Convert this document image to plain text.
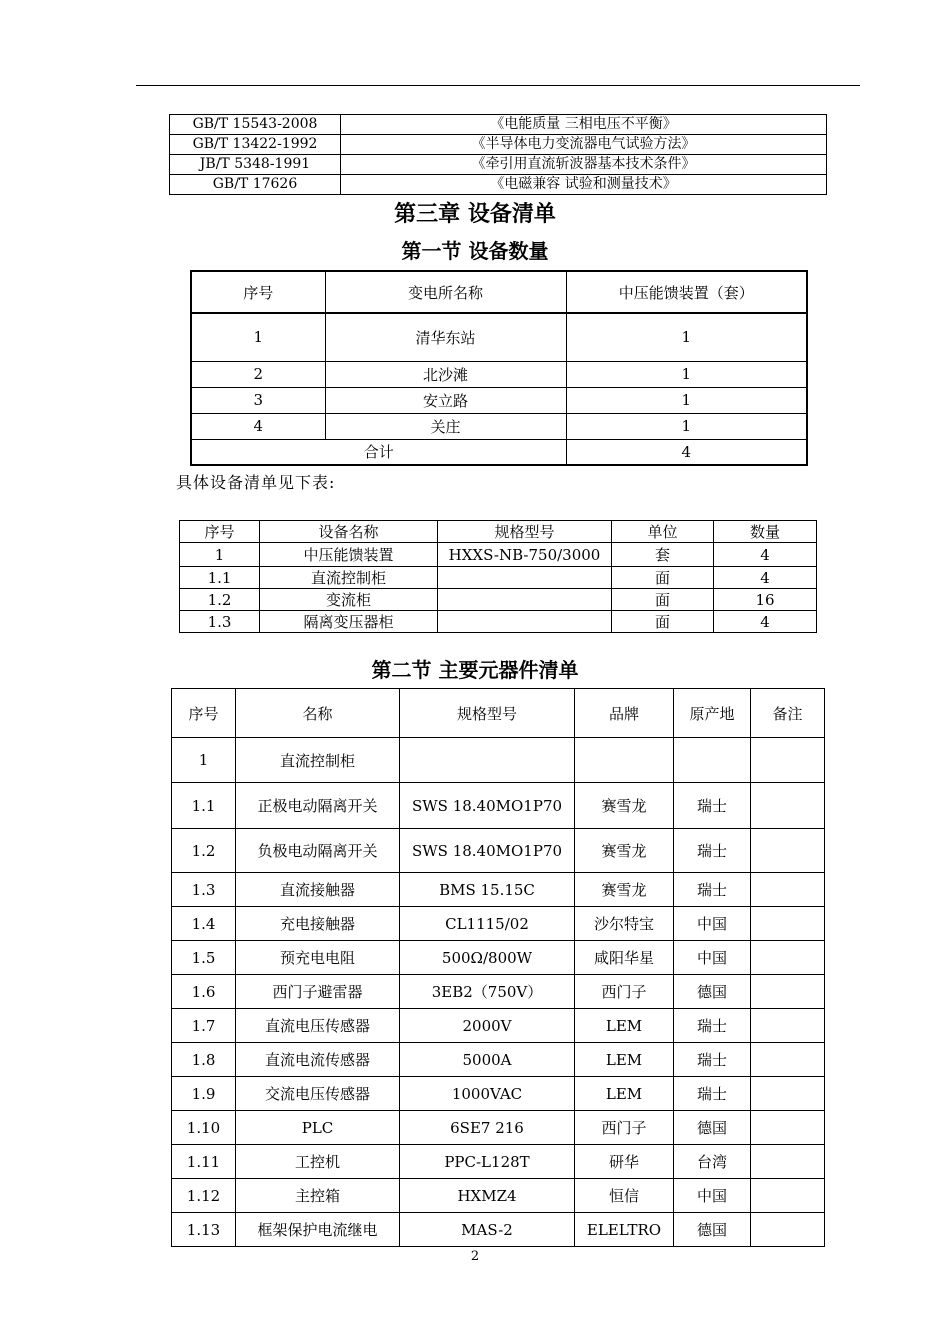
GB/T 15543-2008	《电能质量 三相电压不平衡》
GB/T 13422-1992	《半导体电力变流器电气试验方法》
JB/T 5348-1991	《牵引用直流斩波器基本技术条件》
GB/T 17626	《电磁兼容 试验和测量技术》
第三章 设备清单
第一节 设备数量
序号	变电所名称	中压能馈装置（套）
1	清华东站	1
2	北沙滩	1
3	安立路	1
4	关庄	1
合计		4
具体设备清单见下表:
序号	设备名称	规格型号	单位	数量
1	中压能馈装置	HXXS-NB-750/3000	套	4
1.1	直流控制柜		面	4
1.2	变流柜		面	16
1.3	隔离变压器柜		面	4
第二节 主要元器件清单
序号	名称	规格型号	品牌	原产地	备注
1	直流控制柜				
1.1	正极电动隔离开关	SWS 18.40MO1P70	赛雪龙	瑞士	
1.2	负极电动隔离开关	SWS 18.40MO1P70	赛雪龙	瑞士	
1.3	直流接触器	BMS 15.15C	赛雪龙	瑞士	
1.4	充电接触器	CL1115/02	沙尔特宝	中国	
1.5	预充电电阻	500Ω/800W	咸阳华星	中国	
1.6	西门子避雷器	3EB2（750V）	西门子	德国	
1.7	直流电压传感器	2000V	LEM	瑞士	
1.8	直流电流传感器	5000A	LEM	瑞士	
1.9	交流电压传感器	1000VAC	LEM	瑞士	
1.10	PLC	6SE7 216	西门子	德国	
1.11	工控机	PPC-L128T	研华	台湾	
1.12	主控箱	HXMZ4	恒信	中国	
1.13	框架保护电流继电	MAS-2	ELELTRO	德国	
2
